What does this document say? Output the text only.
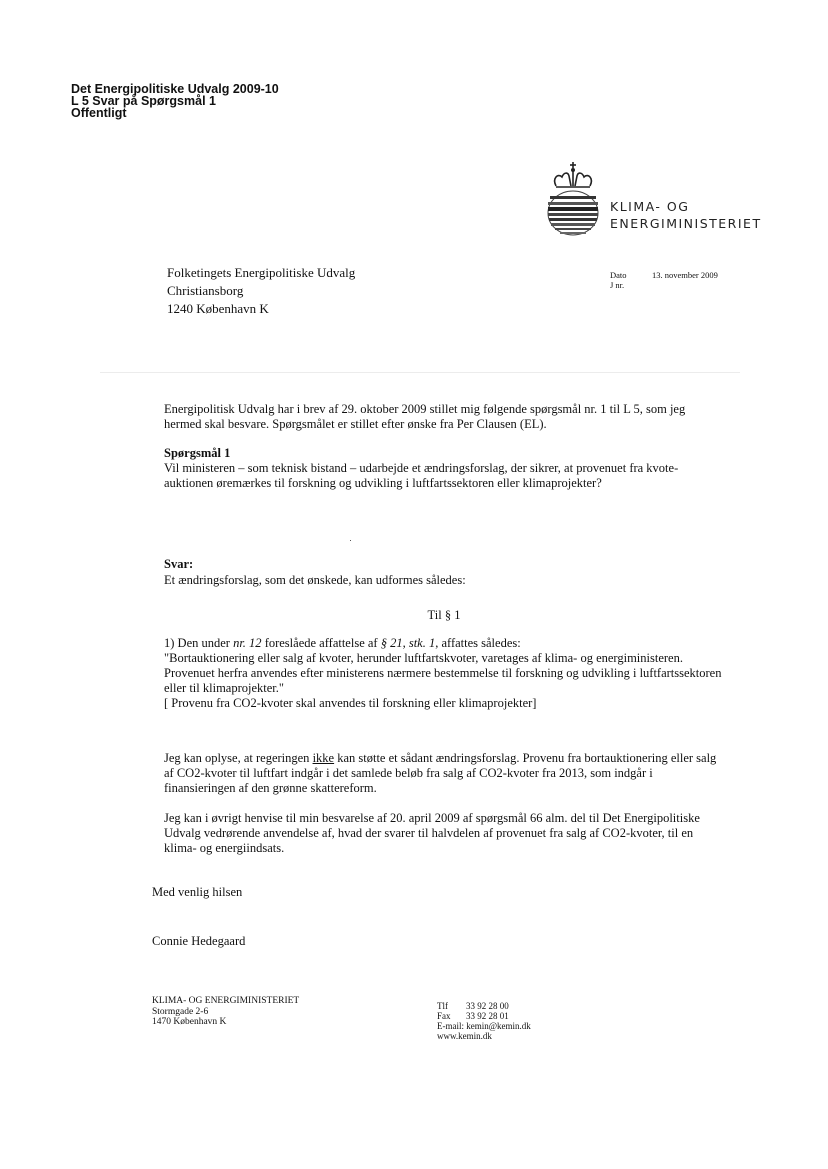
Det Energipolitiske Udvalg 2009-10
L 5 Svar på Spørgsmål 1
Offentligt
KLIMA- OG
ENERGIMINISTERIET
Folketingets Energipolitiske Udvalg
Christiansborg
1240 København K
Dato	13. november 2009
J nr.

Energipolitisk Udvalg har i brev af 29. oktober 2009 stillet mig følgende spørgsmål nr. 1 til L 5, som jeg hermed skal besvare. Spørgsmålet er stillet efter ønske fra Per Clausen (EL).

Spørgsmål 1

Vil ministeren – som teknisk bistand – udarbejde et ændringsforslag, der sikrer, at provenuet fra kvote-auktionen øremærkes til forskning og udvikling i luftfartssektoren eller klimaprojekter?

Svar:

Et ændringsforslag, som det ønskede, kan udformes således:

Til § 1

1) Den under nr. 12 foreslåede affattelse af § 21, stk. 1, affattes således:

"Bortauktionering eller salg af kvoter, herunder luftfartskvoter, varetages af klima- og energiministeren. Provenuet herfra anvendes efter ministerens nærmere bestemmelse til forskning og udvikling i luftfartssektoren eller til klimaprojekter."

[ Provenu fra CO2-kvoter skal anvendes til forskning eller klimaprojekter]

Jeg kan oplyse, at regeringen ikke kan støtte et sådant ændringsforslag. Provenu fra bortauktionering eller salg af CO2-kvoter til luftfart indgår i det samlede beløb fra salg af CO2-kvoter fra 2013, som indgår i finansieringen af den grønne skattereform.

Jeg kan i øvrigt henvise til min besvarelse af 20. april 2009 af spørgsmål 66 alm. del til Det Energipolitiske Udvalg vedrørende anvendelse af, hvad der svarer til halvdelen af provenuet fra salg af CO2-kvoter, til en klima- og energiindsats.

Med venlig hilsen

Connie Hedegaard

KLIMA- OG ENERGIMINISTERIET
Stormgade 2-6
1470 København K
Tlf 33 92 28 00
Fax 33 92 28 01
E-mail: kemin@kemin.dk
www.kemin.dk
